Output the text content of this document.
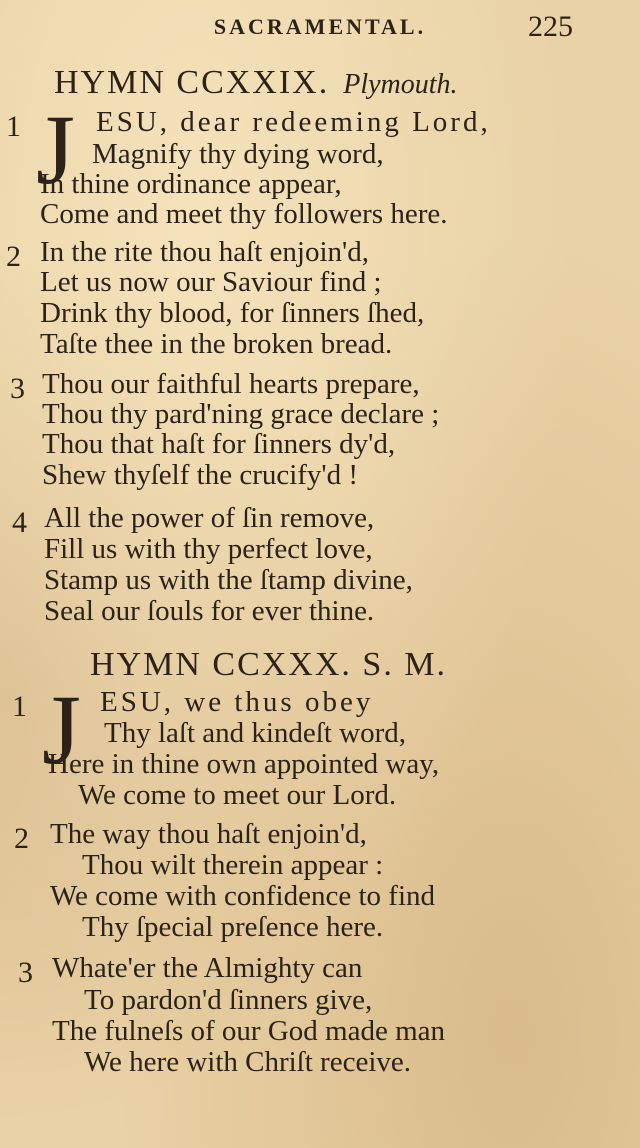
SACRAMENTAL.	225
HYMN CCXXIX. Plymouth.
1 J ESU, dear redeeming Lord,
Magnify thy dying word,
In thine ordinance appear,
Come and meet thy followers here.
2 In the rite thou haſt enjoin'd,
Let us now our Saviour find ;
Drink thy blood, for ſinners ſhed,
Taſte thee in the broken bread.
3 Thou our faithful hearts prepare,
Thou thy pard'ning grace declare ;
Thou that haſt for ſinners dy'd,
Shew thyſelf the crucify'd !
4 All the power of ſin remove,
Fill us with thy perfect love,
Stamp us with the ſtamp divine,
Seal our ſouls for ever thine.
HYMN CCXXX. S. M.
1 J ESU, we thus obey
Thy laſt and kindeſt word,
Here in thine own appointed way,
We come to meet our Lord.
2 The way thou haſt enjoin'd,
Thou wilt therein appear :
We come with confidence to find
Thy ſpecial preſence here.
3 Whate'er the Almighty can
To pardon'd ſinners give,
The fulneſs of our God made man
We here with Chriſt receive.
